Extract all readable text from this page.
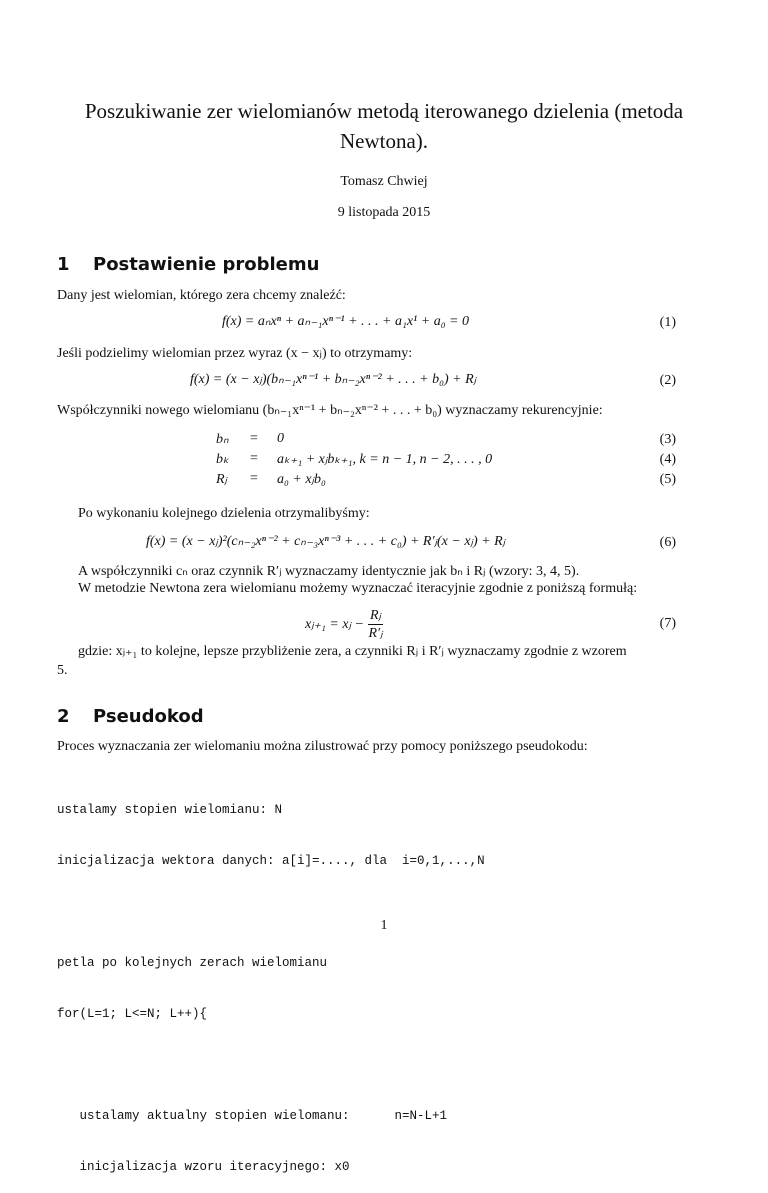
Poszukiwanie zer wielomianów metodą iterowanego dzielenia (metoda Newtona).
Tomasz Chwiej
9 listopada 2015
1 Postawienie problemu
Dany jest wielomian, którego zera chcemy znaleźć:
f(x) = aₙxⁿ + aₙ₋₁xⁿ⁻¹ + . . . + a₁x¹ + a₀ = 0	(1)
Jeśli podzielimy wielomian przez wyraz (x − xⱼ) to otrzymamy:
f(x) = (x − xⱼ)(bₙ₋₁xⁿ⁻¹ + bₙ₋₂xⁿ⁻² + . . . + b₀) + Rⱼ	(2)
Współczynniki nowego wielomianu (bₙ₋₁xⁿ⁻¹ + bₙ₋₂xⁿ⁻² + . . . + b₀) wyznaczamy rekurencyjnie:
bₙ = 0	(3)
bₖ = aₖ₊₁ + xⱼbₖ₊₁, k = n − 1, n − 2, . . . , 0	(4)
Rⱼ = a₀ + xⱼb₀	(5)
Po wykonaniu kolejnego dzielenia otrzymalibyśmy:
f(x) = (x − xⱼ)²(cₙ₋₂xⁿ⁻² + cₙ₋₃xⁿ⁻³ + . . . + c₀) + R′ⱼ(x − xⱼ) + Rⱼ	(6)
A współczynniki cₙ oraz czynnik R′ⱼ wyznaczamy identycznie jak bₙ i Rⱼ (wzory: 3, 4, 5).
W metodzie Newtona zera wielomianu możemy wyznaczać iteracyjnie zgodnie z poniższą formułą:
xⱼ₊₁ = xⱼ − $\frac{\text{Rⱼ}}{\text{R′ⱼ}}$	(7)
gdzie: xⱼ₊₁ to kolejne, lepsze przybliżenie zera, a czynniki Rⱼ i R′ⱼ wyznaczamy zgodnie z wzorem
5.
2 Pseudokod
Proces wyznaczania zer wielomaniu można zilustrować przy pomocy poniższego pseudokodu:

ustalamy stopien wielomianu: N

inicjalizacja wektora danych: a[i]=...., dla  i=0,1,...,N

petla po kolejnych zerach wielomianu

for(L=1; L<=N; L++){

ustalamy aktualny stopien wielomanu:      n=N-L+1

inicjalizacja wzoru iteracyjnego: x0

1
